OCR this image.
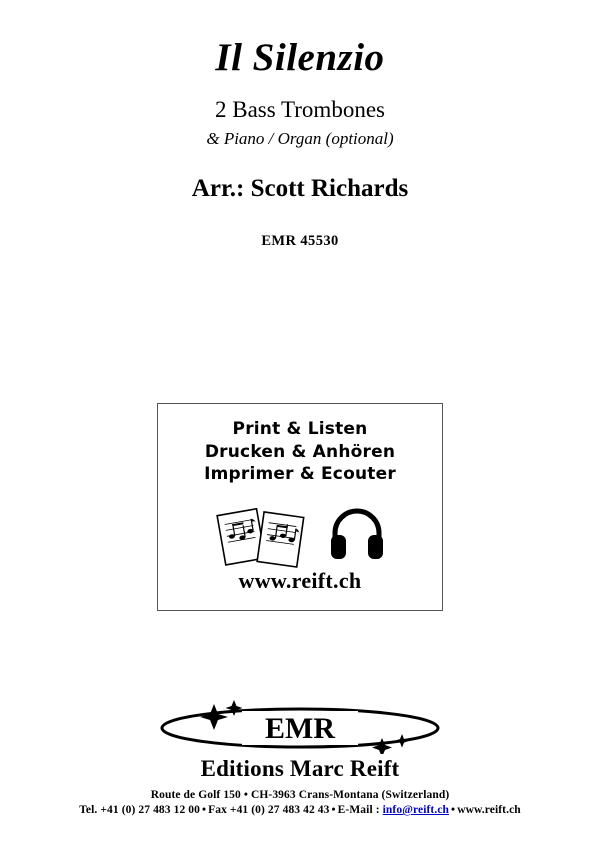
Il Silenzio
2 Bass Trombones
& Piano / Organ (optional)
Arr.: Scott Richards
EMR 45530
Print & Listen
Drucken & Anhören
Imprimer & Ecouter
www.reift.ch
EMR
Editions Marc Reift
Route de Golf 150 • CH-3963 Crans-Montana (Switzerland)
Tel. +41 (0) 27 483 12 00 • Fax +41 (0) 27 483 42 43 • E-Mail : info@reift.ch • www.reift.ch
